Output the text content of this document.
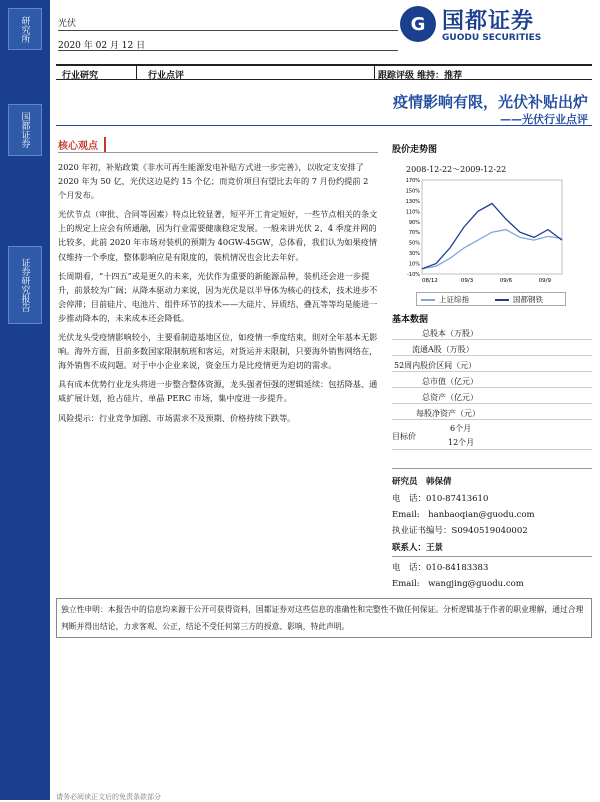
研究所
国都证券
证券研究报告
光伏
2020 年 02 月 12 日
G 国都证券
GUODU SECURITIES
行业研究	行业点评	跟踪评级 维持：推荐
疫情影响有限，光伏补贴出炉
——光伏行业点评
核心观点

2020 年初，补贴政策《非水可再生能源发电补贴方式进一步完善》，以收定支安排了 2020 年为 50 亿，光伏这边是约 15 个亿；而竞价项目有望比去年的 7 月份约提前 2 个月发布。

光伏节点（审批、合同等因素）特点比较显著，短平开工肯定短好，一些节点相关的条文上的规定上应会有所通融，因为行业需要健康稳定发展。一般来讲光伏 2、4 季度并网的比较多，此前 2020 年市场对装机的预期为 40GW-45GW，总体看，我们认为如果疫情仅维持一个季度，整体影响应是有限度的，装机情况也会比去年好。

长周期看，“十四五”或是更久的未来，光伏作为重要的新能源品种，装机还会进一步提升，前景较为广阔；从降本驱动力来说，因为光伏是以半导体为核心的技术，技术进步不会停滞；目前硅片、电池片、组件环节的技术——大硅片、异质结、叠瓦等等均是能进一步推动降本的，未来成本还会降低。

光伏龙头受疫情影响较小，主要看制造基地区位，如疫情一季度结束，則对全年基本无影响。海外方面，目前多数国家限制航班和客运，对货运并未限制，只要海外销售网络在，海外销售不成问题。对于中小企业来说，资金压力是比疫情更为迫切的需求。

具有成本优势行业龙头将进一步整合整体资源，龙头强者恒强的逻辑延续：包括降基、通威扩展计划，抢占硅片、单晶 PERC 市场，集中度进一步提升。

风险提示：行业竞争加剧、市场需求不及预期、价格持续下跌等。

股价走势图
2008-12-22～2009-12-22
170%
150%
130%
110%
90%
70%
50%
30%
10%
-10%
08/12	09/3	09/6	09/9
上证综指	国都钢铁
基本数据
总股本（万股）
流通A股（万股）
52周内股价区间（元）
总市值（亿元）
总资产（亿元）
每股净资产（元）
目标价
6个月
12个月
研究员　 韩保倩
电　话：010-87413610
Email:　 hanbaoqian@guodu.com
执业证书编号：S0940519040002
联系人：王景
电　话：010-84183383
Email:　 wangjing@guodu.com
独立性申明：本报告中的信息均来源于公开可获得资料，国都证券对这些信息的准确性和完整性不做任何保证。分析逻辑基于作者的职业理解，通过合理判断并得出结论，力求客观、公正，结论不受任何第三方的授意、影响，特此声明。
请务必阅读正文后的免责条款部分
